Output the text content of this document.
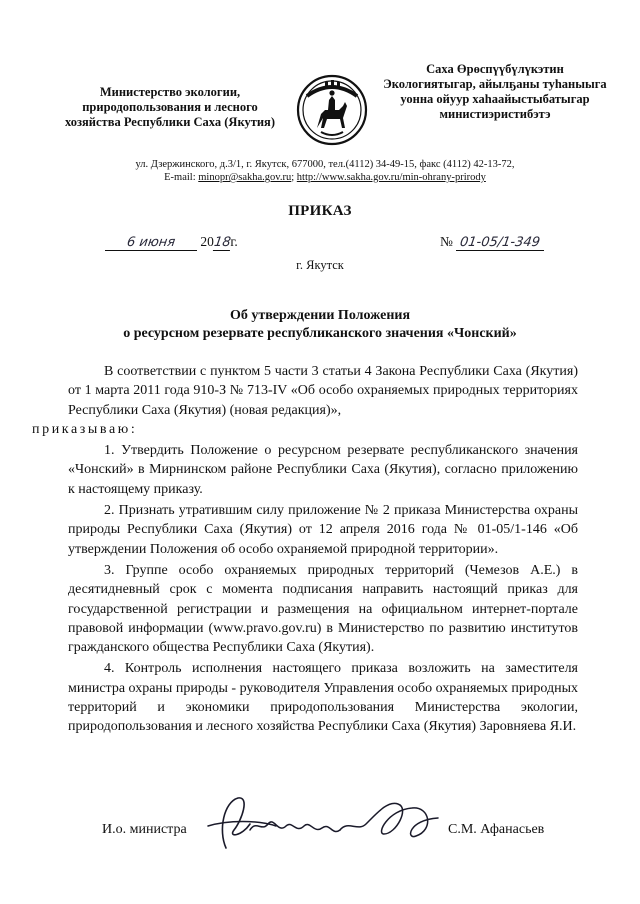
Министерство экологии,
природопользования и лесного
хозяйства Республики Саха (Якутия)
Саха Өрөспүүбүлүкэтин
Экологиятыгар, айылҕаны туһаныыга
уонна ойуур хаһаайыстыбатыгар
министиэристибэтэ
ул. Дзержинского, д.3/1, г. Якутск, 677000, тел.(4112) 34-49-15, факс (4112) 42-13-72,
E-mail: minopr@sakha.gov.ru; http://www.sakha.gov.ru/min-ohrany-prirody
ПРИКАЗ
6 июня 2018г.	№ 01-05/1-349
г. Якутск
Об утверждении Положения
о ресурсном резервате республиканского значения «Чонский»

В соответствии с пунктом 5 части 3 статьи 4 Закона Республики Саха (Якутия) от 1 марта 2011 года 910-З № 713-IV «Об особо охраняемых природных территориях Республики Саха (Якутия) (новая редакция)»,
приказываю:

1. Утвердить Положение о ресурсном резервате республиканского значения «Чонский» в Мирнинском районе Республики Саха (Якутия), согласно приложению к настоящему приказу.

2. Признать утратившим силу приложение № 2 приказа Министерства охраны природы Республики Саха (Якутия) от 12 апреля 2016 года № 01-05/1-146 «Об утверждении Положения об особо охраняемой природной территории».

3. Группе особо охраняемых природных территорий (Чемезов А.Е.) в десятидневный срок с момента подписания направить настоящий приказ для государственной регистрации и размещения на официальном интернет-портале правовой информации (www.pravo.gov.ru) в Министерство по развитию институтов гражданского общества Республики Саха (Якутия).

4. Контроль исполнения настоящего приказа возложить на заместителя министра охраны природы - руководителя Управления особо охраняемых природных территорий и экономики природопользования Министерства экологии, природопользования и лесного хозяйства Республики Саха (Якутия) Заровняева Я.И.

И.о. министра	С.М. Афанасьев
